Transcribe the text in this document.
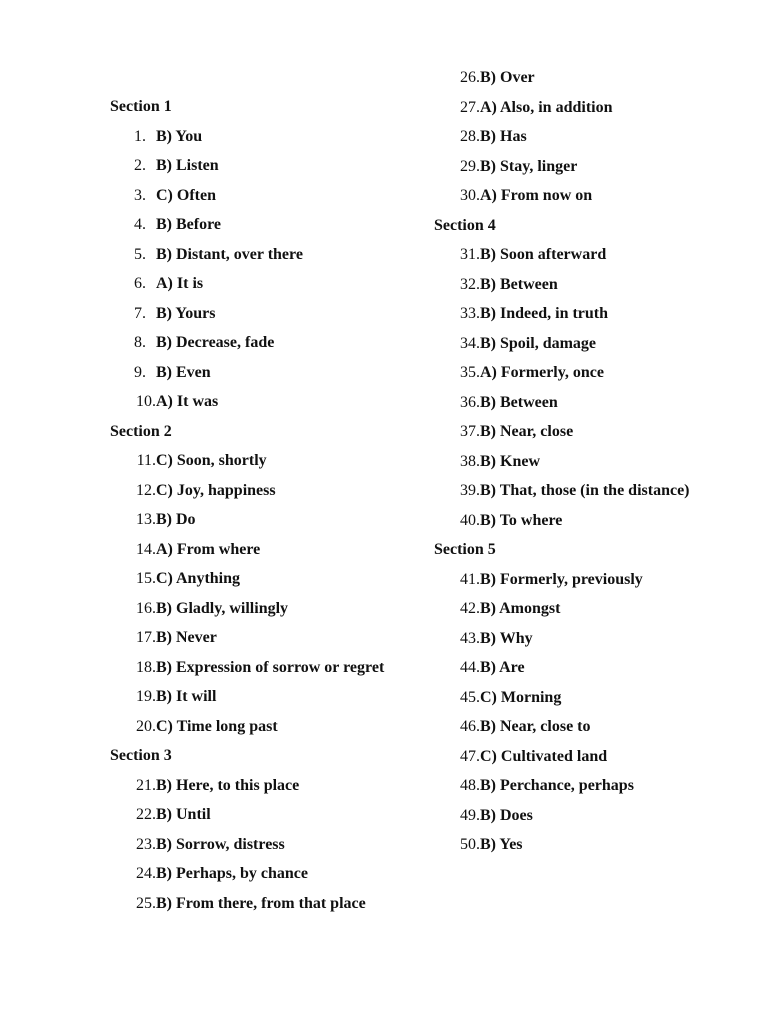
Section 1
1. B) You
2. B) Listen
3. C) Often
4. B) Before
5. B) Distant, over there
6. A) It is
7. B) Yours
8. B) Decrease, fade
9. B) Even
10. A) It was
Section 2
11. C) Soon, shortly
12. C) Joy, happiness
13. B) Do
14. A) From where
15. C) Anything
16. B) Gladly, willingly
17. B) Never
18. B) Expression of sorrow or regret
19. B) It will
20. C) Time long past
Section 3
21. B) Here, to this place
22. B) Until
23. B) Sorrow, distress
24. B) Perhaps, by chance
25. B) From there, from that place
26. B) Over
27. A) Also, in addition
28. B) Has
29. B) Stay, linger
30. A) From now on
Section 4
31. B) Soon afterward
32. B) Between
33. B) Indeed, in truth
34. B) Spoil, damage
35. A) Formerly, once
36. B) Between
37. B) Near, close
38. B) Knew
39. B) That, those (in the distance)
40. B) To where
Section 5
41. B) Formerly, previously
42. B) Amongst
43. B) Why
44. B) Are
45. C) Morning
46. B) Near, close to
47. C) Cultivated land
48. B) Perchance, perhaps
49. B) Does
50. B) Yes
